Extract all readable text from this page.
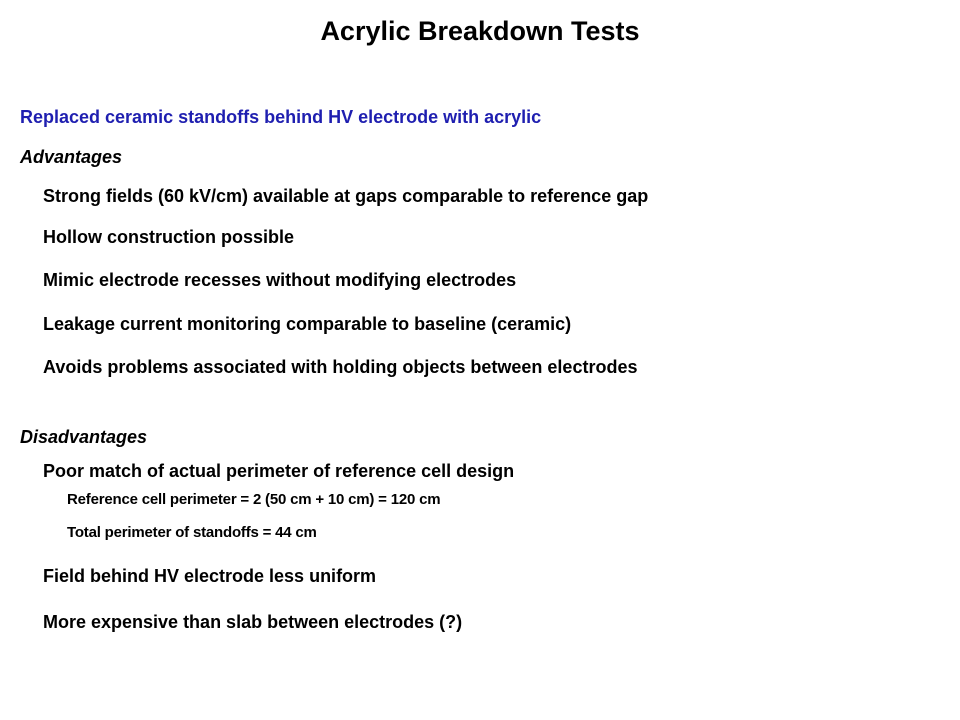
Acrylic Breakdown Tests
Replaced ceramic standoffs behind HV electrode with acrylic
Advantages
Strong fields (60 kV/cm) available at gaps comparable to reference gap
Hollow construction possible
Mimic electrode recesses without modifying electrodes
Leakage current monitoring comparable to baseline (ceramic)
Avoids problems associated with holding objects between electrodes
Disadvantages
Poor match of actual perimeter of reference cell design
Reference cell perimeter = 2 (50 cm + 10 cm) = 120 cm
Total perimeter of standoffs = 44 cm
Field behind HV electrode less uniform
More expensive than slab between electrodes (?)
